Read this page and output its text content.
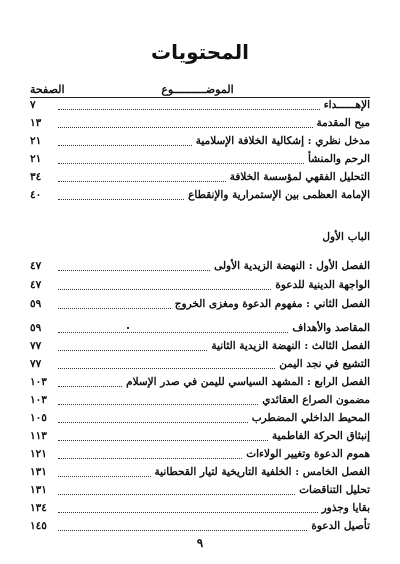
المحتويات
الصفحة	الموضــــــــــوع
الإهــــــداء
٧
مبح المقدمة
١٣
مدخل نظري : إشكالية الخلافة الإسلامية
٢١
الرحم والمنشأ
٢١
التحليل الفقهي لمؤسسة الخلافة
٣٤
الإمامة العظمى بين الإستمرارية والإنقطاع
٤٠
الباب الأول
الفصل الأول : النهضة الزيدية الأولى
٤٧
الواجهة الدينية للدعوة
٤٧
الفصل الثاني : مفهوم الدعوة ومغزى الخروج
٥٩
المقاصد والأهداف
٥٩
الفصل الثالث : النهضة الزيدية الثانية
٧٧
التشيع في نجد اليمن
٧٧
الفصل الرابع : المشهد السياسي لليمن في صدر الإسلام
١٠٣
مضمون الصراع العقائدي
١٠٣
المحيط الداخلي المضطرب
١٠٥
إنبثاق الحركة الفاطمية
١١٣
هموم الدعوة وتغيير الولاءات
١٢١
الفصل الخامس : الخلفية التاريخية لتيار القحطانية
١٣١
تحليل التناقضات
١٣١
بقايا وجذور
١٣٤
تأصيل الدعوة
١٤٥
٩
